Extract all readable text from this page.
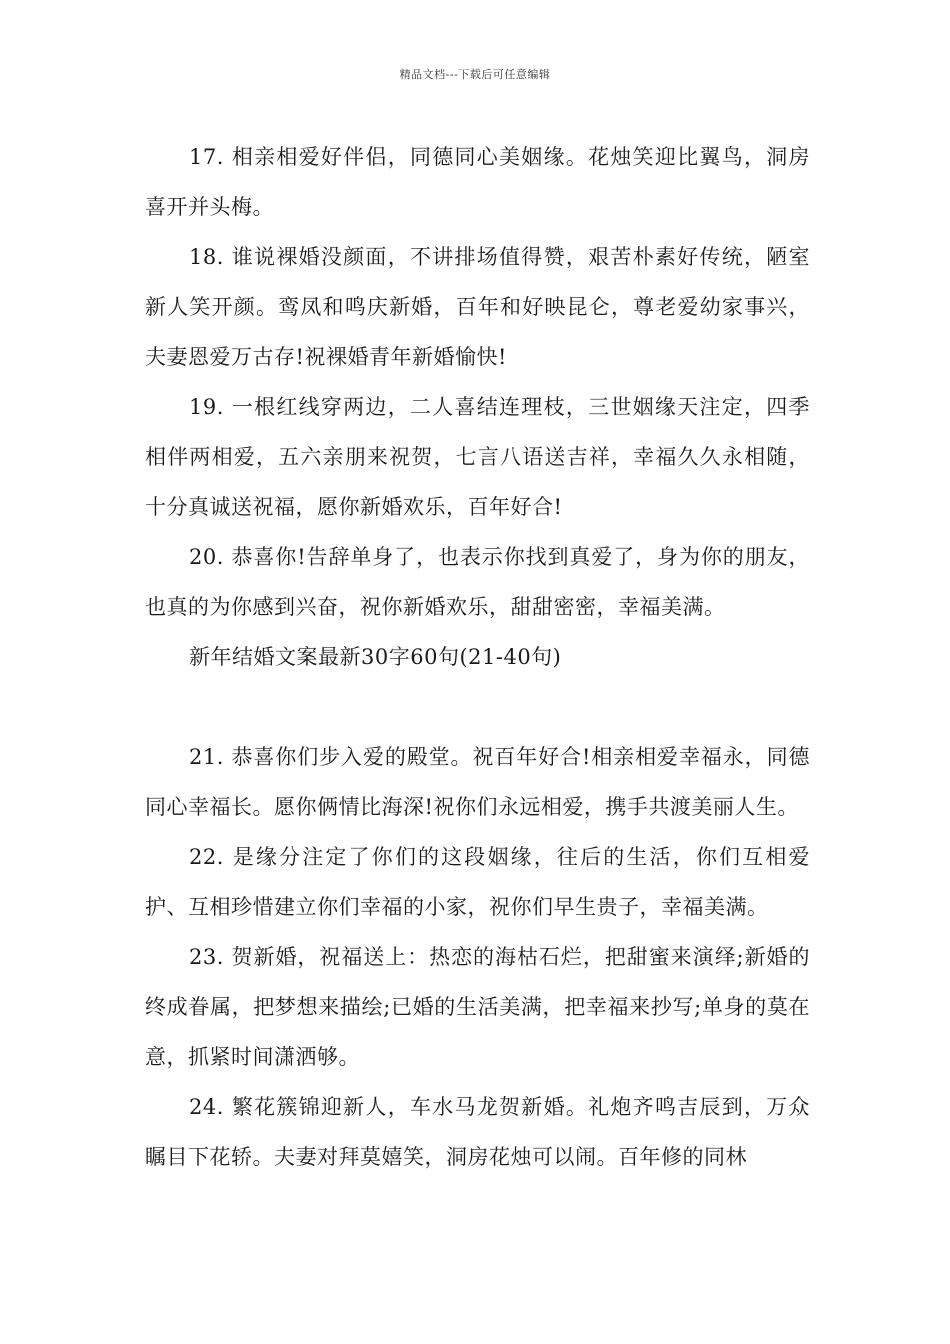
精品文档---下载后可任意编辑

17. 相亲相爱好伴侣，同德同心美姻缘。花烛笑迎比翼鸟，洞房喜开并头梅。

18. 谁说裸婚没颜面，不讲排场值得赞，艰苦朴素好传统，陋室新人笑开颜。鸾凤和鸣庆新婚，百年和好映昆仑，尊老爱幼家事兴，夫妻恩爱万古存!祝裸婚青年新婚愉快!

19. 一根红线穿两边，二人喜结连理枝，三世姻缘天注定，四季相伴两相爱，五六亲朋来祝贺，七言八语送吉祥，幸福久久永相随，十分真诚送祝福，愿你新婚欢乐，百年好合!

20. 恭喜你!告辞单身了，也表示你找到真爱了，身为你的朋友，也真的为你感到兴奋，祝你新婚欢乐，甜甜密密，幸福美满。

新年结婚文案最新30字60句(21-40句)

21. 恭喜你们步入爱的殿堂。祝百年好合!相亲相爱幸福永，同德同心幸福长。愿你俩情比海深!祝你们永远相爱，携手共渡美丽人生。

22. 是缘分注定了你们的这段姻缘，往后的生活，你们互相爱护、互相珍惜建立你们幸福的小家，祝你们早生贵子，幸福美满。

23. 贺新婚，祝福送上：热恋的海枯石烂，把甜蜜来演绎;新婚的终成眷属，把梦想来描绘;已婚的生活美满，把幸福来抄写;单身的莫在意，抓紧时间潇洒够。

24. 繁花簇锦迎新人，车水马龙贺新婚。礼炮齐鸣吉辰到，万众瞩目下花轿。夫妻对拜莫嬉笑，洞房花烛可以闹。百年修的同林
